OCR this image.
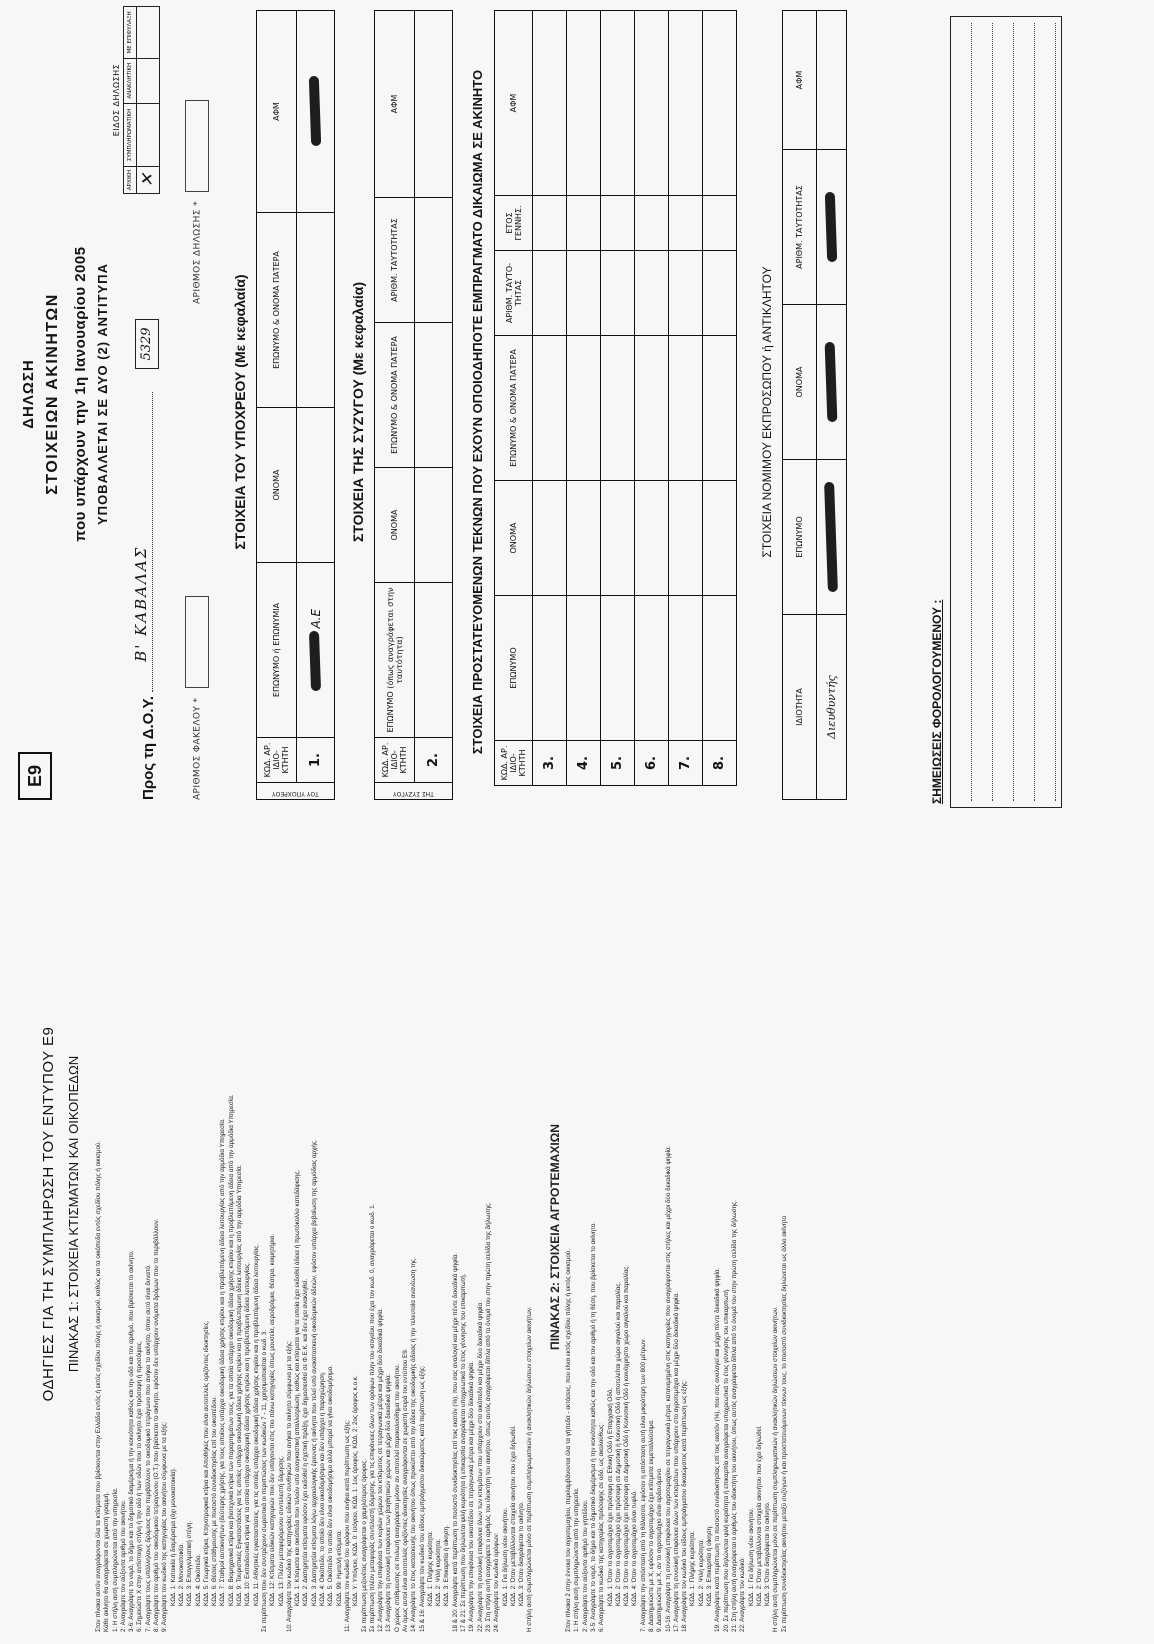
ΟΔΗΓΙΕΣ ΓΙΑ ΤΗ ΣΥΜΠΛΗΡΩΣΗ ΤΟΥ ΕΝΤΥΠΟΥ Ε9 ΠΙΝΑΚΑΣ 1: ΣΤΟΙΧΕΙΑ ΚΤΙΣΜΑΤΩΝ ΚΑΙ ΟΙΚΟΠΕΔΩΝ Στον πίνακα αυτόν αναγράφονται όλα τα κτίσματα που βρίσκονται στην Ελλάδα εντός ή εκτός σχεδίου πόλης ή οικισμού, καθώς και τα οικόπεδα εντός σχεδίου πόλης ή οικισμού. Κάθε ακίνητο θα αναγράφεται σε χωριστή γραμμή. 1: Η στήλη αυτή συμπληρώνεται από την υπηρεσία. 2: Αναγράψτε τον αύξοντα αριθμό του ακινήτου. 3-6: Αναγράψτε το νομό, το δήμο και το δημοτικό διαμέρισμα ή την κοινότητα καθώς και την οδό και τον αριθμό, που βρίσκεται το ακίνητο. 6: Σημειώστε Χ στην αντίστοιχη στήλη ή την οδό ή των οδών που το ακίνητο έχει πρόσοψη ή προσόψεις. 7: Αναγράψτε τους υπάλληλους δρόμους που περιβάλλουν το οικοδομικό τετράγωνο που ανήκει το ακίνητο, όπου αυτό είναι δυνατό. 8: Αναγράψτε τον αριθμό του οικοδομικού τετραγώνου (Ο.Τ.) που βρίσκεται το ακίνητο, εφόσον δεν υπάρχουν ονόματα δρόμων που το περιβάλλουν. 9: Αναγράψτε τον κωδικό της κατηγορίας του ακινήτου σύμφωνα με τα εξής: ΚΩΔ. 1: Κατοικία ή διαμέρισμα (όχι μονοκατοικία). ΚΩΔ. 2: Μονοκατοικία. ΚΩΔ. 3: Επαγγελματική στέγη. ΚΩΔ. 4: Οικόπεδο. ΚΩΔ. 5: Γεωργικά κτίρια, Κτηνοτροφικά κτίρια και Αποθήκες που είναι αυτοτελείς οριζόντιες ιδιοκτησίες. ΚΩΔ. 6: Θέσεις στάθμευσης με ποσοστό συνιδιοκτησίας επί του οικοπέδου. ΚΩΔ. 7: Σταθμοί αυτοκινήτων (δεύτερης χρήσης, για τους οποίους υπάρχει οικοδομική άδεια χρήσης κτιρίου και η προβλεπόμενη άδεια λειτουργίας από την αρμόδια Υπηρεσία. ΚΩΔ. 8: Βιομηχανικά κτίρια και βιοτεχνικά κτίρια των παραρτημάτων τους, για τα οποία υπάρχει οικοδομική άδεια χρήσης κτιρίου και η προβλεπόμενη άδεια από την αρμόδια Υπηρεσία. ΚΩΔ. 9: Τουριστικές Εγκαταστάσεις για τις οποίες υπάρχει οικοδομική άδεια χρήσης κτιρίου και η προβλεπόμενη άδεια λειτουργίας από την αρμόδια Υπηρεσία. ΚΩΔ. 10: Εκπαιδευτικά κτίρια για τα οποία υπάρχει οικοδομική άδεια χρήσης κτιρίου και η προβλεπόμενη άδεια λειτουργίας. ΚΩΔ. 11: Αθλητικές εγκαταστάσεις, για τις οποίες υπάρχει οικοδομική άδεια χρήσης κτιρίου και η προβλεπόμενη άδεια λειτουργίας. Σε περίπτωση που δεν συντρέχουν σωρευτικά οι περιπτώσεις των κωδικών 7 - 11, χρησιμοποιείται ο κωδ. 3. ΚΩΔ. 12: Κτίσματα ειδικών κατηγοριών που δεν υπάγονται στις πιο πάνω κατηγορίες όπως μουσεία, αεροδρόμια, θέατρα, κοιμητήρια. ΚΩΔ. 13: Πλέον μεταφερόμενου συντελεστή δόμησης. 10: Αναγράψτε τον κωδικό της κατηγορίας ειδικών συνθηκών που ανήκει το ακίνητο σύμφωνα με τα εξής: ΚΩΔ. 1: Κτίσματα και οικόπεδα που τελούν υπό αναγκαστική απαλλοτρίωση, καθώς και κτίσματα για τα οποία έχει εκδοθεί άδεια ή πρωτόκολλο κατεδάφισης. ΚΩΔ. 2: Διατηρητέα κτίσματα εφόσον έχει εκδοθεί η σχετική πράξη, έχει δημοσιευθεί σε Φ.Ε.Κ. και δεν έχει ανακληθεί. ΚΩΔ. 3: Διατηρητέα κτίσματα λόγω αρχαιολογικής έρευνας ή ακίνητα που τελεί υπό ανακατασκευή οικοδομικών άδειών, εφόσον υπάρχει βεβαίωση της αρμόδιας αρχής. ΚΩΔ. 4: Οικόπεδο, το οποίο δεν είναι οικοδομήσιμο και δεν υπάρχει η παραχώρηση. ΚΩΔ. 5: Οικόπεδο το οποίο δεν είναι οικοδομήσιμο αλλά μπορεί να γίνει οικοδομήσιμο. ΚΩΔ. 99: Ημιτελή κτίσματα. 11: Αναγράψτε τον κωδικό του ορόφου που ανήκει κατά περίπτωση ως εξής: ΚΩΔ. Υ: Υπόγειο, ΚΩΔ. 0: Ισόγειο, ΚΩΔ. 1: 1ος όροφος, ΚΩΔ. 2: 2ος όροφος κ.ο.κ. Σε περίπτωση μεζονέτας αναγράφεται ο χαμηλότερος όροφος. Σε περίπτωση πλέον μεταφοράς συντελεστή δόμησης, για τις επιφάνειες όλων των ορόφων πλην του ισογείου που έχει τον κωδ. 0, αναγράφεται ο κωδ. 1. 12: Αναγράψτε την επιφάνεια των κυρίων χώρων του κτίσματος σε τετραγωνικά μέτρα και μέχρι δύο δεκαδικά ψηφία. 13: Αναγράψτε τη συνολική επιφάνεια των βοηθητικών χώρων και μέχρι δύο δεκαδικά ψηφία. Ο χώρος στάθμευσης σε πυλωτή αναγράφεται μόνον αν αποτελεί παρακολούθημα του ακινήτου. Αν όμως αυτοί είναι αυτοτελείς οριζόντιες ιδιοκτησίες αναγράφονται σε χωριστή σειρά του εντύπου Ε9. 14: Αναγράψτε το έτος κατασκευής του ακινήτου όπως προκύπτει από την άδεια της οικοδομικής άδειας ή την τελευταία ανανέωση της. 15 & 16: Αναγράψτε τον κωδικό του είδους εμπράγματου δικαιώματος κατά περίπτωση ως εξής: ΚΩΔ. 1: Πλήρης κυριότητα. ΚΩΔ. 2: Ψιλή κυριότητα. ΚΩΔ. 3: Επικαρπία ή οίκηση. 18 & 20: Αναγράψτε κατά περίπτωση το ποσοστό συνιδιοκτησίας επί τοις εκατόν (%), που σας αναλογεί και μέχρι πέντε δεκαδικά ψηφία. 17 & 21: Σε περίπτωση που δηλώνεται ψιλή κυριότητα ή επικαρπία αναγράφεται υποχρεωτικά το έτος γέννησης του επικαρπωτή. 19: Αναγράψτε την επιφάνεια του οικοπέδου σε τετραγωνικά μέτρα και μέχρι δύο δεκαδικά ψηφία. 22: Αναγράψτε τη συνολική επιφάνεια όλων των κτισμάτων που υπάρχουν στο οικόπεδο και μέχρι δύο δεκαδικά ψηφία. 23: Στη στήλη αυτή αναγράφετε ο αριθμός του ιδιοκτήτη του ακινήτου, όπως αυτός αναγράφεται δίπλα από το όνομά του στην πρώτη σελίδα της δήλωσης. 24: Αναγράψτε τον κωδικό ορόφων: ΚΩΔ. 1: Για δήλωση νέου ακινήτου. ΚΩΔ. 2: Όταν μεταβάλλονται στοιχεία ακινήτου που έχει δηλωθεί. ΚΩΔ. 3: Όταν διαγράφεται το ακίνητο. Η στήλη αυτή συμπληρώνεται μόνο σε περίπτωση συμπληρωματικών ή ανακλητικών δηλώσεων στοιχείων ακινήτων.
ΠΙΝΑΚΑΣ 2: ΣΤΟΙΧΕΙΑ ΑΓΡΟΤΕΜΑΧΙΩΝ
Στον πίνακα 2 στην έννοια του αγροτεμαχίου, περιλαμβάνονται όλα τα γήπεδα - εκτάσεις, που είναι εκτός σχεδίου πόλης ή εκτός οικισμού. 1: Η στήλη αυτή συμπληρώνεται από την υπηρεσία. 2: Αναγράψτε τον αύξοντα αριθμό του γηπέδου. 3-5: Αναγράψτε το νομό, το δήμο και το δημοτικό διαμέρισμα ή την κοινότητα καθώς και την οδό και τον αριθμό ή τη θέση, που βρίσκεται το ακίνητο. 6: Αναγράψτε το κωδικό της κατηγορίας πρόσοψης σε οδό, ως ακολούθως: ΚΩΔ. 1: Όταν το αγροτεμάχιο έχει πρόσοψη σε Εθνική Οδό ή Επαρχιακή Οδό. ΚΩΔ. 2: Όταν το αγροτεμάχιο έχει πρόσοψη σε Δημοτική ή Κοινοτική Οδό ή αποτελείται χώρο αιγιαλού και παραλίας. ΚΩΔ. 3: Όταν το αγροτεμάχιο έχει πρόσοψη σε Δημοτική Οδό ή Κοινοτική Οδό ή κοινόχρηστο χώρο αιγιαλού και παραλίας. ΚΩΔ. 4: Όταν το αγροτεμάχιο είναι τυφλό. 7: Αναγράψτε την απόσταση από τη θάλασσα, εφόσον η απόσταση αυτή είναι μικρότερη των 800 μέτρων. 8: Διασημειώστε με Χ, εφόσον το αγροτεμάχιο έχει κτίσματα εκμεταλλεύσιμα. 9: Διασημειώστε με Χ, αν το αγροτεμάχιο είναι αρδευόμενο. 10-16: Αναγράψτε τη συνολική επιφάνεια του αγροτεμαχίου σε τετραγωνικά μέτρα, κατανεμημένη στις κατηγορίες που αναγράφονται στις στήλες και μέχρι δύο δεκαδικά ψηφία. 17: Αναγράψτε τη συνολική επιφάνεια όλων των κτισμάτων που υπάρχουν στο αγροτεμάχιο και μέχρι δύο δεκαδικά ψηφία. 18: Αναγράψτε τον κωδικό του είδους εμπράγματου δικαιώματος κατά περίπτωση ως εξής: ΚΩΔ. 1: Πλήρης κυριότητα. ΚΩΔ. 2: Ψιλή κυριότητα. ΚΩΔ. 3: Επικαρπία ή οίκηση. 19: Αναγράψτε κατά περίπτωση το ποσοστό συνιδιοκτησίας επί τοις εκατόν (%), που σας αναλογεί και μέχρι πέντε δεκαδικά ψηφία. 20: Σε περίπτωση που δηλώνεται ψιλή κυριότητα ή επικαρπία αναγράφεται υποχρεωτικά το έτος γέννησης του επικαρπωτή. 21: Στη στήλη αυτή αναγράφεται ο αριθμός του ιδιοκτήτη του ακινήτου, όπως αυτός αναγράφεται δίπλα από το όνομά του στην πρώτη σελίδα της δήλωσης. 22: Αναγράψτε τον κωδικό: ΚΩΔ. 1: Για δήλωση νέου ακινήτου. ΚΩΔ. 2: Όταν μεταβάλλονται στοιχεία ακινήτου που έχει δηλωθεί. ΚΩΔ. 3: Όταν διαγράφεται το ακίνητο. Η στήλη αυτή συμπληρώνεται μόνο σε περίπτωση συμπληρωματικών ή ανακλητικών δηλώσεων στοιχείων ακινήτων. Σε περίπτωση συνιδιοκτησίας ακινήτου μεταξύ συζύγων ή και προστατευόμενων τέκνων τους, το ποσοστό συνιδιοκτησίας δηλώνεται ως άλλο ακίνητο
Ε9
ΔΗΛΩΣΗ ΣΤΟΙΧΕΙΩΝ ΑΚΙΝΗΤΩΝ που υπάρχουν την 1η Ιανουαρίου 2005 ΥΠΟΒΑΛΛΕΤΑΙ ΣΕ ΔΥΟ (2) ΑΝΤΙΤΥΠΑ
Προς τη Δ.Ο.Υ.
Β' ΚΑΒΑΛΑΣ
5329
ΕΙΔΟΣ ΔΗΛΩΣΗΣ
ΑΡΧΙΚΗ	ΣΥΜΠΛΗΡΩΜΑΤΙΚΗ	ΑΝΑΚΛΗΤΙΚΗ	ΜΕ ΕΠΙΦΥΛΑΞΗ
✕			
ΑΡΙΘΜΟΣ ΦΑΚΕΛΟΥ *
ΑΡΙΘΜΟΣ ΔΗΛΩΣΗΣ *
ΣΤΟΙΧΕΙΑ ΤΟΥ ΥΠΟΧΡΕΟΥ (Με κεφαλαία)
ΤΟΥ ΥΠΟΧΡΕΟΥ	ΚΩΔ. ΑΡ. ΙΔΙΟ-ΚΤΗΤΗ	ΕΠΩΝΥΜΟ ή ΕΠΩΝΥΜΙΑ	ΟΝΟΜΑ	ΕΠΩΝΥΜΟ & ΟΝΟΜΑ ΠΑΤΕΡΑ	ΑΦΜ
	1.	Α.Ε			
ΣΤΟΙΧΕΙΑ ΤΗΣ ΣΥΖΥΓΟΥ (Με κεφαλαία)
ΤΗΣ ΣΥΖΥΓΟΥ	ΚΩΔ. ΑΡ. ΙΔΙΟ-ΚΤΗΤΗ	ΕΠΩΝΥΜΟ (όπως αναγράφεται στην ταυτότητα)	ΟΝΟΜΑ	ΕΠΩΝΥΜΟ & ΟΝΟΜΑ ΠΑΤΕΡΑ	ΑΡΙΘΜ. ΤΑΥΤΟΤΗΤΑΣ	ΑΦΜ
	2.					
ΣΤΟΙΧΕΙΑ ΠΡΟΣΤΑΤΕΥΟΜΕΝΩΝ ΤΕΚΝΩΝ ΠΟΥ ΕΧΟΥΝ ΟΠΟΙΟΔΗΠΟΤΕ ΕΜΠΡΑΓΜΑΤΟ ΔΙΚΑΙΩΜΑ ΣΕ ΑΚΙΝΗΤΟ
ΚΩΔ. ΑΡ. ΙΔΙΟ-ΚΤΗΤΗ	ΕΠΩΝΥΜΟ	ΟΝΟΜΑ	ΕΠΩΝΥΜΟ & ΟΝΟΜΑ ΠΑΤΕΡΑ	ΑΡΙΘΜ. ΤΑΥΤΟ-ΤΗΤΑΣ	ΕΤΟΣ ΓΕΝΝΗΣ.	ΑΦΜ
3.						
4.						
5.						
6.						
7.						
8.						
ΣΤΟΙΧΕΙΑ ΝΟΜΙΜΟΥ ΕΚΠΡΟΣΩΠΟΥ ή ΑΝΤΙΚΛΗΤΟΥ
ΙΔΙΟΤΗΤΑ	ΕΠΩΝΥΜΟ	ΟΝΟΜΑ	ΑΡΙΘΜ. ΤΑΥΤΟΤΗΤΑΣ	ΑΦΜ
Διευθυντής					ΣΗΜΕΙΩΣΕΙΣ ΦΟΡΟΛΟΓΟΥΜΕΝΟΥ :
